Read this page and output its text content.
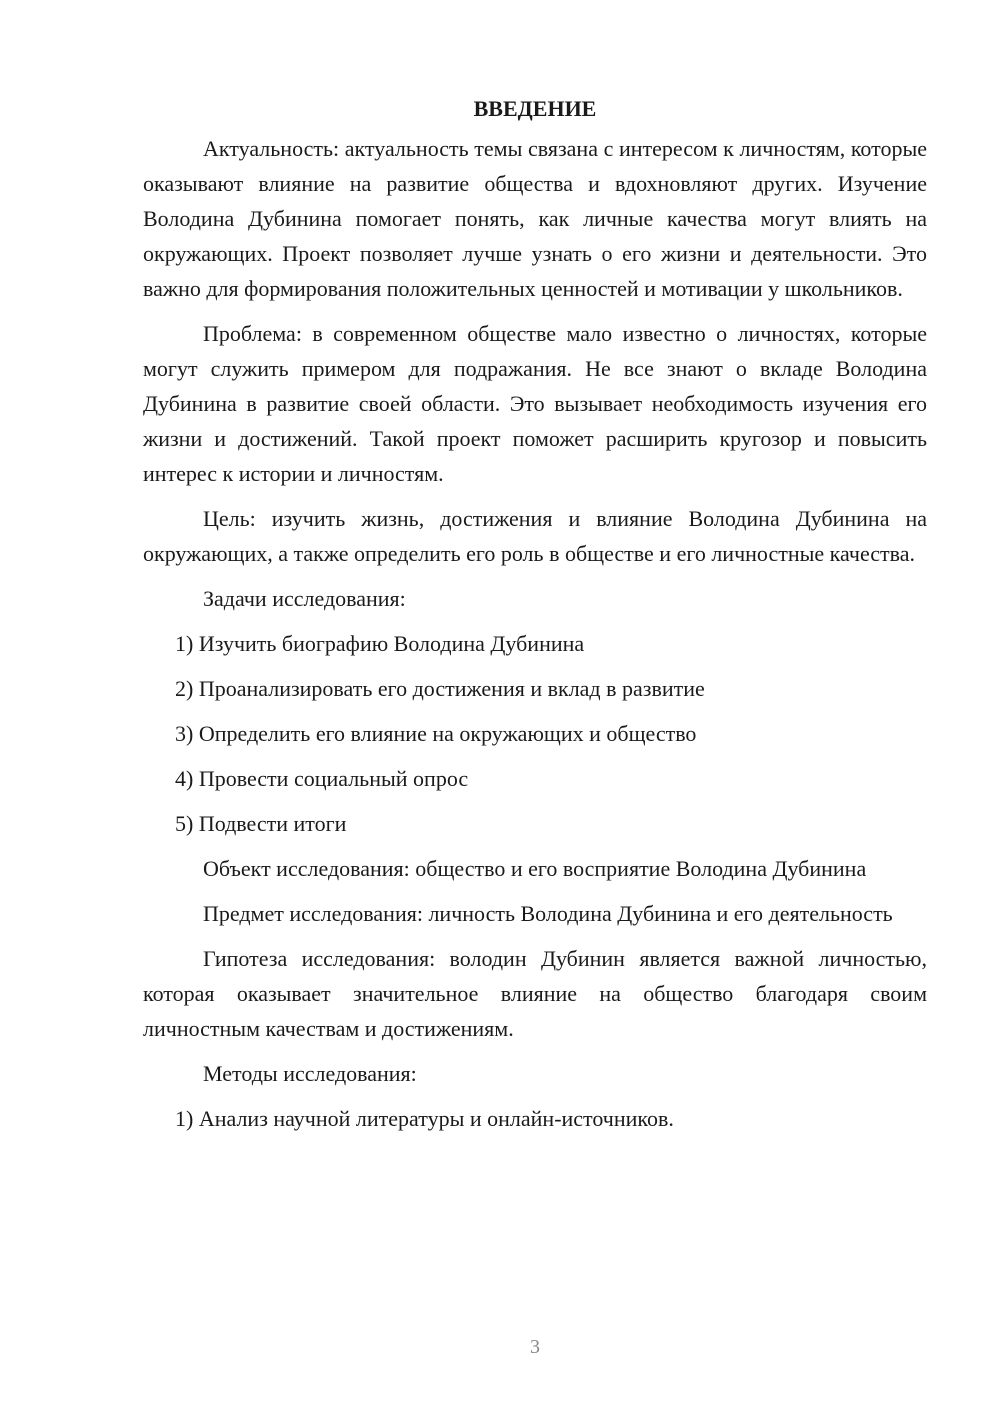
ВВЕДЕНИЕ

Актуальность: актуальность темы связана с интересом к личностям, которые оказывают влияние на развитие общества и вдохновляют других. Изучение Володина Дубинина помогает понять, как личные качества могут влиять на окружающих. Проект позволяет лучше узнать о его жизни и деятельности. Это важно для формирования положительных ценностей и мотивации у школьников.

Проблема: в современном обществе мало известно о личностях, которые могут служить примером для подражания. Не все знают о вкладе Володина Дубинина в развитие своей области. Это вызывает необходимость изучения его жизни и достижений. Такой проект поможет расширить кругозор и повысить интерес к истории и личностям.

Цель: изучить жизнь, достижения и влияние Володина Дубинина на окружающих, а также определить его роль в обществе и его личностные качества.

Задачи исследования:

1) Изучить биографию Володина Дубинина
2) Проанализировать его достижения и вклад в развитие
3) Определить его влияние на окружающих и общество
4) Провести социальный опрос
5) Подвести итоги

Объект исследования: общество и его восприятие Володина Дубинина

Предмет исследования: личность Володина Дубинина и его деятельность

Гипотеза исследования: володин Дубинин является важной личностью, которая оказывает значительное влияние на общество благодаря своим личностным качествам и достижениям.

Методы исследования:

1) Анализ научной литературы и онлайн-источников.
3
